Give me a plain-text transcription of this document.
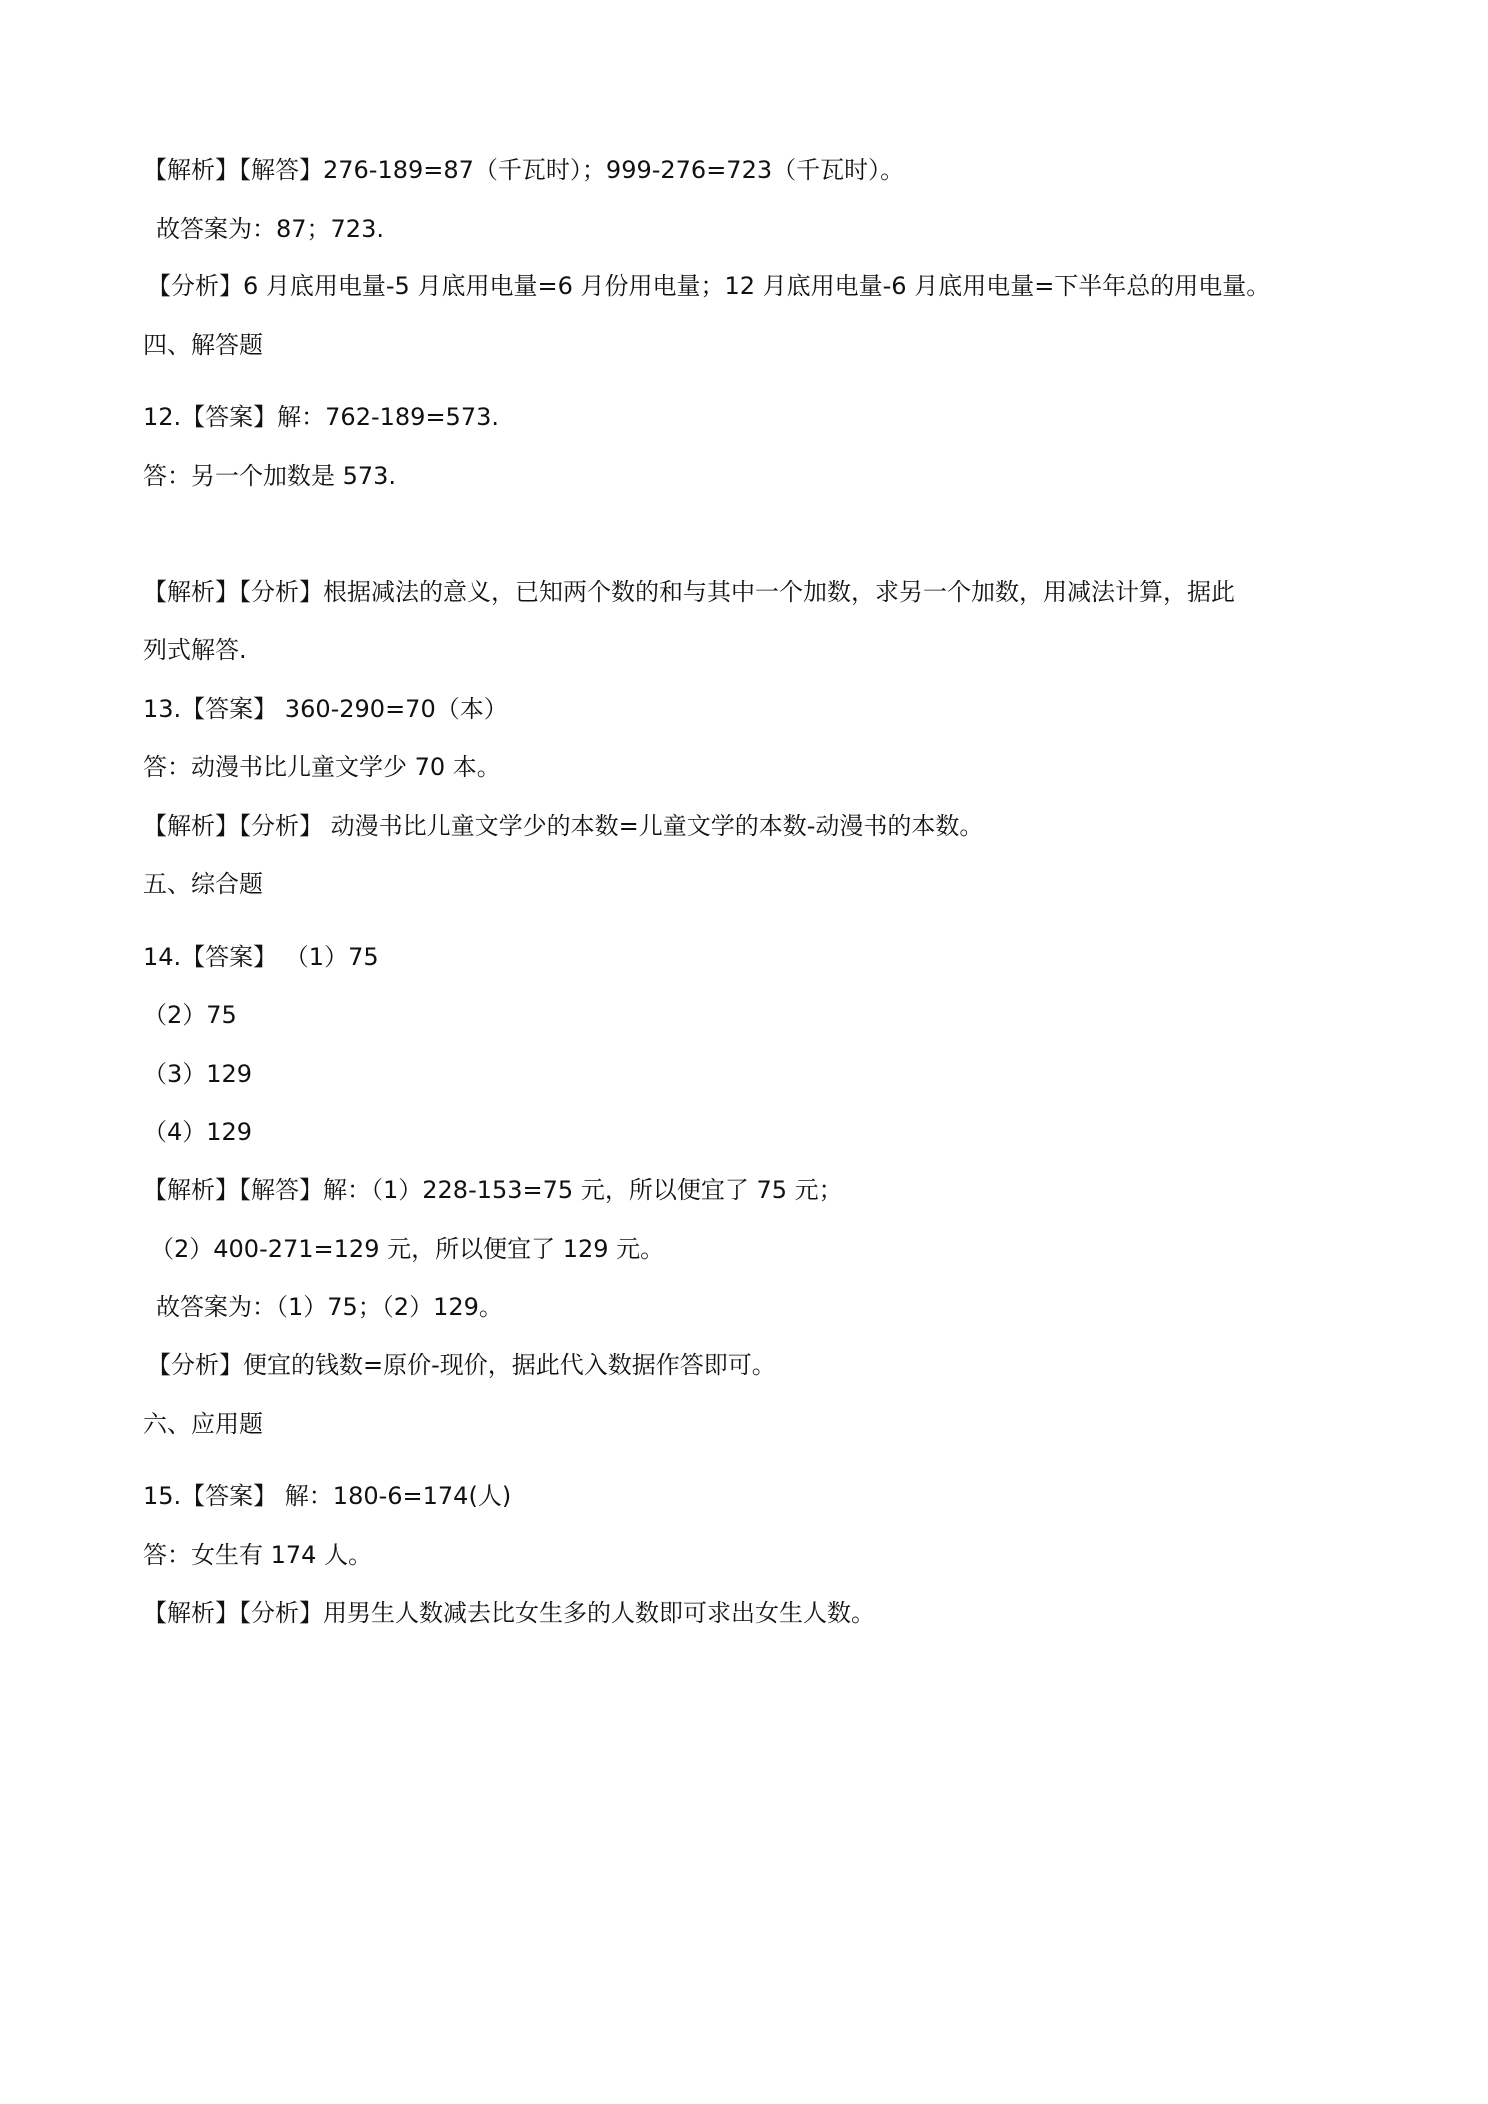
【解析】【解答】276-189=87（千瓦时）；999-276=723（千瓦时）。
故答案为：87；723.
【分析】6 月底用电量-5 月底用电量=6 月份用电量；12 月底用电量-6 月底用电量=下半年总的用电量。
四、解答题
12.【答案】解：762-189=573.
答：另一个加数是 573.
【解析】【分析】根据减法的意义，已知两个数的和与其中一个加数，求另一个加数，用减法计算，据此
列式解答.
13.【答案】 360-290=70（本）
答：动漫书比儿童文学少 70 本。
【解析】【分析】 动漫书比儿童文学少的本数=儿童文学的本数-动漫书的本数。
五、综合题
14.【答案】 （1）75
（2）75
（3）129
（4）129
【解析】【解答】解：（1）228-153=75 元，所以便宜了 75 元；
（2）400-271=129 元，所以便宜了 129 元。
故答案为：（1）75；（2）129。
【分析】便宜的钱数=原价-现价，据此代入数据作答即可。
六、应用题
15.【答案】 解：180-6=174(人)
答：女生有 174 人。
【解析】【分析】用男生人数减去比女生多的人数即可求出女生人数。
